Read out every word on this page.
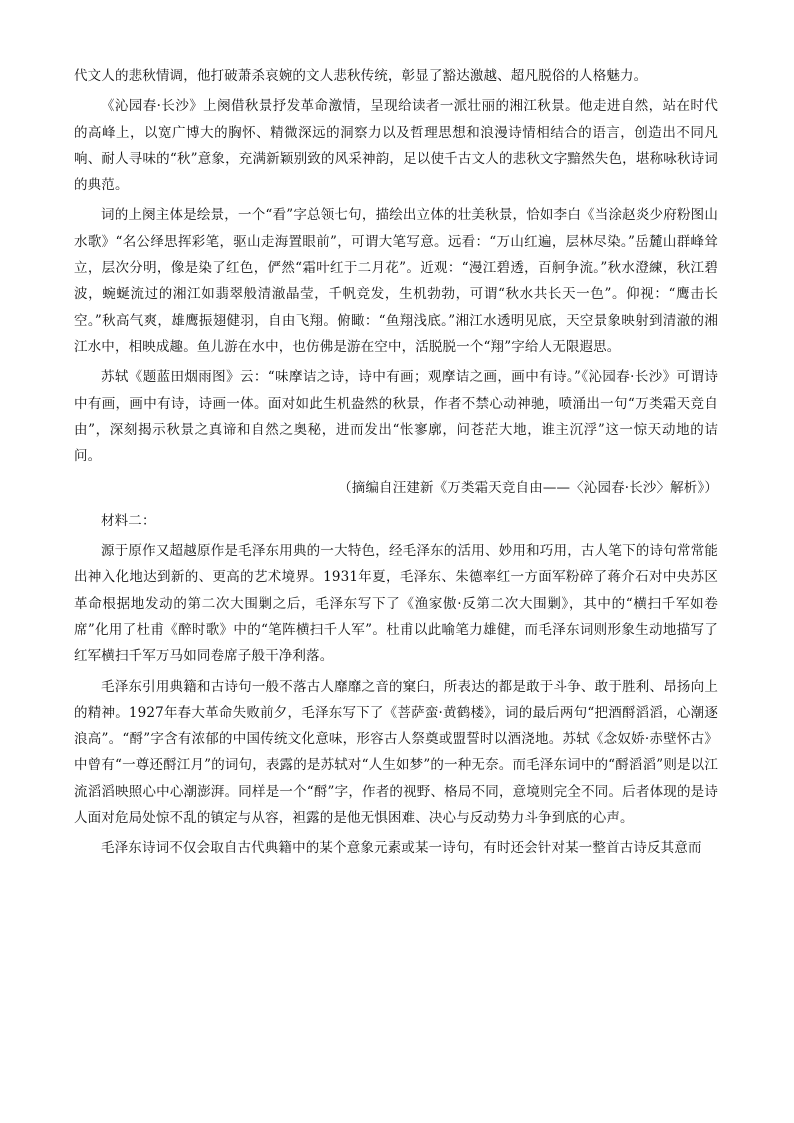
代文人的悲秋情调，他打破萧杀哀婉的文人悲秋传统，彰显了豁达激越、超凡脱俗的人格魅力。

《沁园春·长沙》上阕借秋景抒发革命激情，呈现给读者一派壮丽的湘江秋景。他走进自然，站在时代的高峰上，以宽广博大的胸怀、精微深远的洞察力以及哲理思想和浪漫诗情相结合的语言，创造出不同凡响、耐人寻味的“秋”意象，充满新颖别致的风采神韵，足以使千古文人的悲秋文字黯然失色，堪称咏秋诗词的典范。

词的上阕主体是绘景，一个“看”字总领七句，描绘出立体的壮美秋景，恰如李白《当涂赵炎少府粉图山水歌》“名公绎思挥彩笔，驱山走海置眼前”，可谓大笔写意。远看：“万山红遍，层林尽染。”岳麓山群峰耸立，层次分明，像是染了红色，俨然“霜叶红于二月花”。近观：“漫江碧透，百舸争流。”秋水澄練，秋江碧波，蜿蜒流过的湘江如翡翠般清澈晶莹，千帆竞发，生机勃勃，可谓“秋水共长天一色”。仰视：“鹰击长空。”秋高气爽，雄鹰振翅健羽，自由飞翔。俯瞰：“鱼翔浅底。”湘江水透明见底，天空景象映射到清澈的湘江水中，相映成趣。鱼儿游在水中，也仿佛是游在空中，活脱脱一个“翔”字给人无限遐思。

苏轼《题蓝田烟雨图》云：“味摩诘之诗，诗中有画；观摩诘之画，画中有诗。”《沁园春·长沙》可谓诗中有画，画中有诗，诗画一体。面对如此生机盎然的秋景，作者不禁心动神驰，喷涌出一句“万类霜天竞自由”，深刻揭示秋景之真谛和自然之奥秘，进而发出“怅寥廓，问苍茫大地，谁主沉浮”这一惊天动地的诘问。

（摘编自汪建新《万类霜天竞自由——〈沁园春·长沙〉解析》）

材料二：

源于原作又超越原作是毛泽东用典的一大特色，经毛泽东的活用、妙用和巧用，古人笔下的诗句常常能出神入化地达到新的、更高的艺术境界。1931年夏，毛泽东、朱德率红一方面军粉碎了蒋介石对中央苏区革命根据地发动的第二次大围剿之后，毛泽东写下了《渔家傲·反第二次大围剿》，其中的“横扫千军如卷席”化用了杜甫《醉时歌》中的“笔阵横扫千人军”。杜甫以此喻笔力雄健，而毛泽东词则形象生动地描写了红军横扫千军万马如同卷席子般干净利落。

毛泽东引用典籍和古诗句一般不落古人靡靡之音的窠臼，所表达的都是敢于斗争、敢于胜利、昂扬向上的精神。1927年春大革命失败前夕，毛泽东写下了《菩萨蛮·黄鹤楼》，词的最后两句“把酒酹滔滔，心潮逐浪高”。“酹”字含有浓郁的中国传统文化意味，形容古人祭奠或盟誓时以酒浇地。苏轼《念奴娇·赤壁怀古》中曾有“一尊还酹江月”的词句，表露的是苏轼对“人生如梦”的一种无奈。而毛泽东词中的“酹滔滔”则是以江流滔滔映照心中心潮澎湃。同样是一个“酹”字，作者的视野、格局不同，意境则完全不同。后者体现的是诗人面对危局处惊不乱的镇定与从容，袒露的是他无惧困难、决心与反动势力斗争到底的心声。

毛泽东诗词不仅会取自古代典籍中的某个意象元素或某一诗句，有时还会针对某一整首古诗反其意而
